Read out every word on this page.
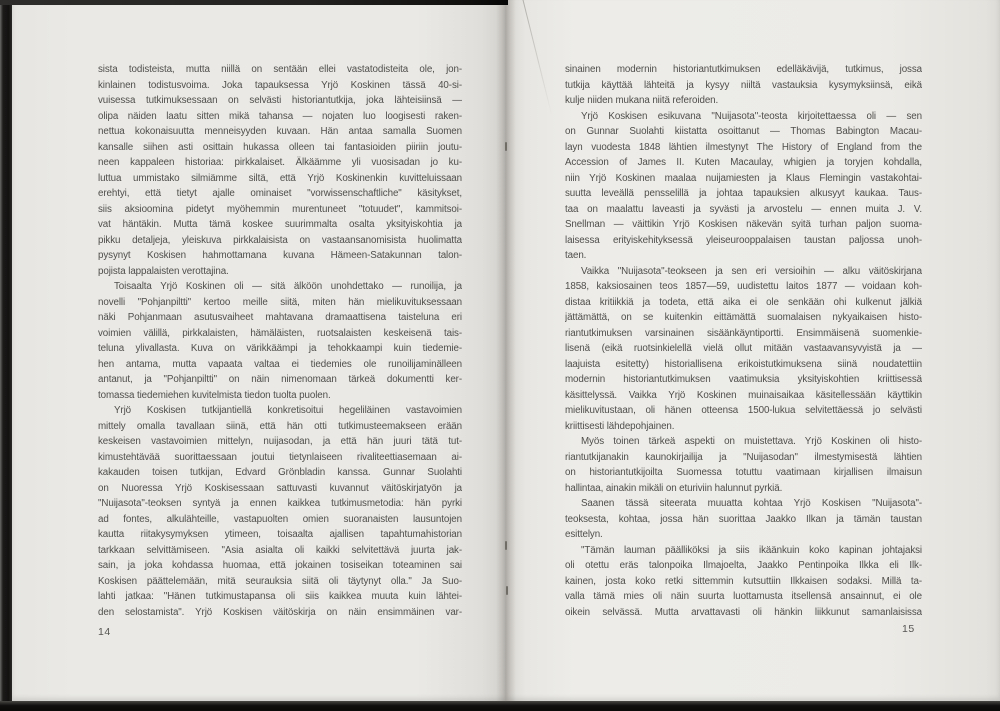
sista todisteista, mutta niillä on sentään ellei vastatodisteita ole, jon-
kinlainen todistusvoima. Joka tapauksessa Yrjö Koskinen tässä 40-si-
vuisessa tutkimuksessaan on selvästi historiantutkija, joka lähteisiinsä —
olipa näiden laatu sitten mikä tahansa — nojaten luo loogisesti raken-
nettua kokonaisuutta menneisyyden kuvaan. Hän antaa samalla Suomen
kansalle siihen asti osittain hukassa olleen tai fantasioiden piiriin joutu-
neen kappaleen historiaa: pirkkalaiset. Älkäämme yli vuosisadan jo ku-
luttua ummistako silmiämme siltä, että Yrjö Koskinenkin kuvitteluissaan
erehtyi, että tietyt ajalle ominaiset "vorwissenschaftliche" käsitykset,
siis aksioomina pidetyt myöhemmin murentuneet "totuudet", kammitsoi-
vat häntäkin. Mutta tämä koskee suurimmalta osalta yksityiskohtia ja
pikku detaljeja, yleiskuva pirkkalaisista on vastaansanomisista huolimatta
pysynyt Koskisen hahmottamana kuvana Hämeen-Satakunnan talon-
pojista lappalaisten verottajina.
Toisaalta Yrjö Koskinen oli — sitä älköön unohdettako — runoilija, ja
novelli "Pohjanpiltti" kertoo meille siitä, miten hän mielikuvituksessaan
näki Pohjanmaan asutusvaiheet mahtavana dramaattisena taisteluna eri
voimien välillä, pirkkalaisten, hämäläisten, ruotsalaisten keskeisenä tais-
teluna ylivallasta. Kuva on värikkäämpi ja tehokkaampi kuin tiedemie-
hen antama, mutta vapaata valtaa ei tiedemies ole runoilijaminälleen
antanut, ja "Pohjanpiltti" on näin nimenomaan tärkeä dokumentti ker-
tomassa tiedemiehen kuvitelmista tiedon tuolta puolen.
Yrjö Koskisen tutkijantiellä konkretisoitui hegeliläinen vastavoimien
mittely omalla tavallaan siinä, että hän otti tutkimusteemakseen erään
keskeisen vastavoimien mittelyn, nuijasodan, ja että hän juuri tätä tut-
kimustehtävää suorittaessaan joutui tietynlaiseen rivaliteettiasemaan ai-
kakauden toisen tutkijan, Edvard Grönbladin kanssa. Gunnar Suolahti
on Nuoressa Yrjö Koskisessaan sattuvasti kuvannut väitöskirjatyön ja
"Nuijasota"-teoksen syntyä ja ennen kaikkea tutkimusmetodia: hän pyrki
ad fontes, alkulähteille, vastapuolten omien suoranaisten lausuntojen
kautta riitakysymyksen ytimeen, toisaalta ajallisen tapahtumahistorian
tarkkaan selvittämiseen. "Asia asialta oli kaikki selvitettävä juurta jak-
sain, ja joka kohdassa huomaa, että jokainen tosiseikan toteaminen sai
Koskisen päättelemään, mitä seurauksia siitä oli täytynyt olla." Ja Suo-
lahti jatkaa: "Hänen tutkimustapansa oli siis kaikkea muuta kuin lähtei-
den selostamista". Yrjö Koskisen väitöskirja on näin ensimmäinen var-
sinainen modernin historiantutkimuksen edelläkävijä, tutkimus, jossa
tutkija käyttää lähteitä ja kysyy niiltä vastauksia kysymyksiinsä, eikä
kulje niiden mukana niitä referoiden.
Yrjö Koskisen esikuvana "Nuijasota"-teosta kirjoitettaessa oli — sen
on Gunnar Suolahti kiistatta osoittanut — Thomas Babington Macau-
layn vuodesta 1848 lähtien ilmestynyt The History of England from the
Accession of James II. Kuten Macaulay, whigien ja toryjen kohdalla,
niin Yrjö Koskinen maalaa nuijamiesten ja Klaus Flemingin vastakohtai-
suutta leveällä pensselillä ja johtaa tapauksien alkusyyt kaukaa. Taus-
taa on maalattu laveasti ja syvästi ja arvostelu — ennen muita J. V.
Snellman — väittikin Yrjö Koskisen näkevän syitä turhan paljon suoma-
laisessa erityiskehityksessä yleiseurooppalaisen taustan paljossa unoh-
taen.
Vaikka "Nuijasota"-teokseen ja sen eri versioihin — alku väitöskirjana
1858, kaksiosainen teos 1857—59, uudistettu laitos 1877 — voidaan koh-
distaa kritiikkiä ja todeta, että aika ei ole senkään ohi kulkenut jälkiä
jättämättä, on se kuitenkin eittämättä suomalaisen nykyaikaisen histo-
riantutkimuksen varsinainen sisäänkäyntiportti. Ensimmäisenä suomenkie-
lisenä (eikä ruotsinkielellä vielä ollut mitään vastaavansyvyistä ja —
laajuista esitetty) historiallisena erikoistutkimuksena siinä noudatettiin
modernin historiantutkimuksen vaatimuksia yksityiskohtien kriittisessä
käsittelyssä. Vaikka Yrjö Koskinen muinaisaikaa käsitellessään käyttikin
mielikuvitustaan, oli hänen otteensa 1500-lukua selvitettäessä jo selvästi
kriittisesti lähdepohjainen.
Myös toinen tärkeä aspekti on muistettava. Yrjö Koskinen oli histo-
riantutkijanakin kaunokirjailija ja "Nuijasodan" ilmestymisestä lähtien
on historiantutkijoilta Suomessa totuttu vaatimaan kirjallisen ilmaisun
hallintaa, ainakin mikäli on eturiviin halunnut pyrkiä.
Saanen tässä siteerata muuatta kohtaa Yrjö Koskisen "Nuijasota"-
teoksesta, kohtaa, jossa hän suorittaa Jaakko Ilkan ja tämän taustan
esittelyn.
"Tämän lauman päälliköksi ja siis ikäänkuin koko kapinan johtajaksi
oli otettu eräs talonpoika Ilmajoelta, Jaakko Pentinpoika Ilkka eli Ilk-
kainen, josta koko retki sittemmin kutsuttiin Ilkkaisen sodaksi. Millä ta-
valla tämä mies oli näin suurta luottamusta itsellensä ansainnut, ei ole
oikein selvässä. Mutta arvattavasti oli hänkin liikkunut samanlaisissa
14	15
